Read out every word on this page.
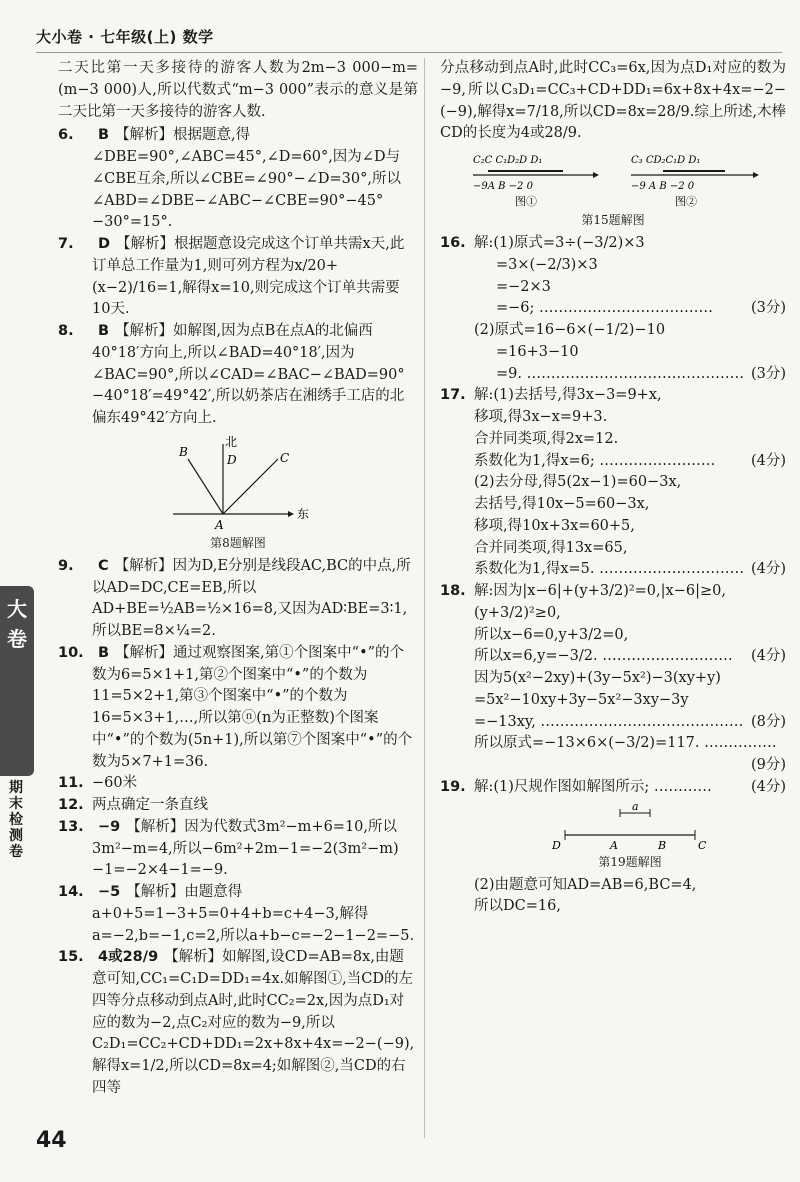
大小卷 · 七年级(上) 数学

二天比第一天多接待的游客人数为2m−3 000−m=(m−3 000)人,所以代数式“m−3 000”表示的意义是第二天比第一天多接待的游客人数.

6.	B 【解析】根据题意,得∠DBE=90°,∠ABC=45°,∠D=60°,因为∠D与∠CBE互余,所以∠CBE=∠90°−∠D=30°,所以∠ABD=∠DBE−∠ABC−∠CBE=90°−45°−30°=15°.
7.	D 【解析】根据题意设完成这个订单共需x天,此订单总工作量为1,则可列方程为x/20+(x−2)/16=1,解得x=10,则完成这个订单共需要10天.
8.	B 【解析】如解图,因为点B在点A的北偏西40°18′方向上,所以∠BAD=40°18′,因为∠BAC=90°,所以∠CAD=∠BAC−∠BAD=90°−40°18′=49°42′,所以奶茶店在湘绣手工店的北偏东49°42′方向上.
北
东
B
D	C
A
第8题解图
9.	C 【解析】因为D,E分别是线段AC,BC的中点,所以AD=DC,CE=EB,所以AD+BE=½AB=½×16=8,又因为AD∶BE=3∶1,所以BE=8×¼=2.
10. B 【解析】通过观察图案,第①个图案中“•”的个数为6=5×1+1,第②个图案中“•”的个数为11=5×2+1,第③个图案中“•”的个数为16=5×3+1,…,所以第ⓝ(n为正整数)个图案中“•”的个数为(5n+1),所以第⑦个图案中“•”的个数为5×7+1=36.
11. −60米
12. 两点确定一条直线
13. −9 【解析】因为代数式3m²−m+6=10,所以3m²−m=4,所以−6m²+2m−1=−2(3m²−m)−1=−2×4−1=−9.
14. −5 【解析】由题意得a+0+5=1−3+5=0+4+b=c+4−3,解得a=−2,b=−1,c=2,所以a+b−c=−2−1−2=−5.
15. 4或28/9 【解析】如解图,设CD=AB=8x,由题意可知,CC₁=C₁D=DD₁=4x.如解图①,当CD的左四等分点移动到点A时,此时CC₂=2x,因为点D₁对应的数为−2,点C₂对应的数为−9,所以C₂D₁=CC₂+CD+DD₁=2x+8x+4x=−2−(−9),解得x=1/2,所以CD=8x=4;如解图②,当CD的右四等

分点移动到点A时,此时CC₃=6x,因为点D₁对应的数为−9,所以C₃D₁=CC₃+CD+DD₁=6x+8x+4x=−2−(−9),解得x=7/18,所以CD=8x=28/9.综上所述,木棒CD的长度为4或28/9.

C₂C C₁D₂D D₁
−9A B −2 0
C₃ CD₂C₁D D₁
−9 A B −2 0
图①	图②
第15题解图
16. 解:(1)原式=3÷(−3/2)×3
=3×(−2/3)×3
=−2×3
=−6; ………………………………	(3分)
(2)原式=16−6×(−1/2)−10
=16+3−10
=9. ……………………………………… (3分)
17. 解:(1)去括号,得3x−3=9+x,
移项,得3x−x=9+3.
合并同类项,得2x=12.
系数化为1,得x=6; …………………… (4分)
(2)去分母,得5(2x−1)=60−3x,
去括号,得10x−5=60−3x,
移项,得10x+3x=60+5,
合并同类项,得13x=65,
系数化为1,得x=5. ………………………… (4分)
18. 解:因为|x−6|+(y+3/2)²=0,|x−6|≥0,(y+3/2)²≥0,
所以x−6=0,y+3/2=0,
所以x=6,y=−3/2. ……………………… (4分)
因为5(x²−2xy)+(3y−5x²)−3(xy+y)
=5x²−10xy+3y−5x²−3xy−3y
=−13xy, …………………………………… (8分)
所以原式=−13×6×(−3/2)=117. ……………
(9分)
19. 解:(1)尺规作图如解图所示; …………	(4分)
a
D	A	B	C
第19题解图
(2)由题意可知AD=AB=6,BC=4,
所以DC=16,
大
卷
期末检测卷
44
